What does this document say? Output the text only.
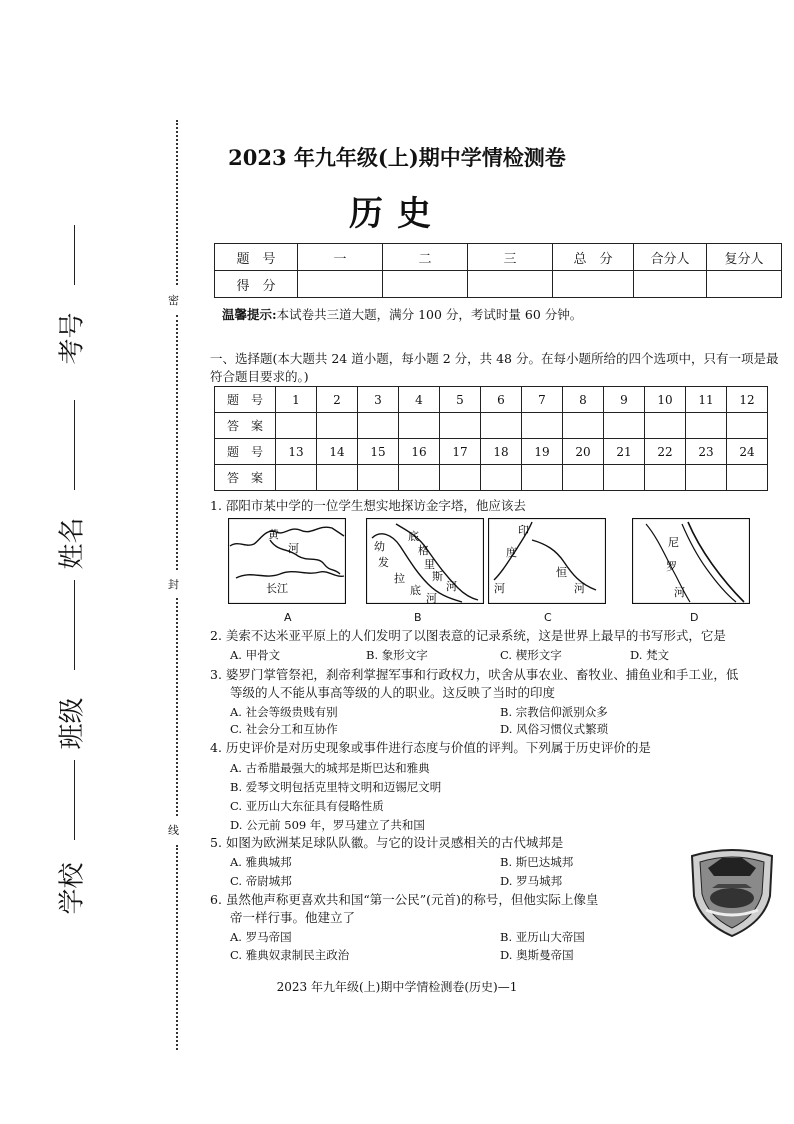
考号
姓名
班级
学校
密
封
线
2023 年九年级(上)期中学情检测卷
历史
题　号	一	二	三	总　分	合分人	复分人
得　分						
温馨提示:本试卷共三道大题，满分 100 分，考试时量 60 分钟。
一、选择题(本大题共 24 道小题，每小题 2 分，共 48 分。在每小题所给的四个选项中，只有一项是最符合题目要求的。)
题　号	1	2	3	4	5	6	7	8	9	10	11	12
答　案												
题　号	13	14	15	16	17	18	19	20	21	22	23	24
答　案												
1. 邵阳市某中学的一位学生想实地探访金字塔，他应该去
黄
河
长江
A
幼
发
拉
底
格
里
斯
河
底
河
B
印
度
河
恒
河
C
尼
罗
河
D
2. 美索不达米亚平原上的人们发明了以图表意的记录系统，这是世界上最早的书写形式，它是
A. 甲骨文	B. 象形文字	C. 楔形文字	D. 梵文
3. 婆罗门掌管祭祀，刹帝利掌握军事和行政权力，吠舍从事农业、畜牧业、捕鱼业和手工业，低
等级的人不能从事高等级的人的职业。这反映了当时的印度
A. 社会等级贵贱有别	B. 宗教信仰派别众多
C. 社会分工和互协作	D. 风俗习惯仪式繁琐
4. 历史评价是对历史现象或事件进行态度与价值的评判。下列属于历史评价的是
A. 古希腊最强大的城邦是斯巴达和雅典
B. 爱琴文明包括克里特文明和迈锡尼文明
C. 亚历山大东征具有侵略性质
D. 公元前 509 年，罗马建立了共和国
5. 如图为欧洲某足球队队徽。与它的设计灵感相关的古代城邦是
A. 雅典城邦	B. 斯巴达城邦
C. 帝尉城邦	D. 罗马城邦
6. 虽然他声称更喜欢共和国“第一公民”(元首)的称号，但他实际上像皇
帝一样行事。他建立了
A. 罗马帝国	B. 亚历山大帝国
C. 雅典奴隶制民主政治	D. 奥斯曼帝国
2023 年九年级(上)期中学情检测卷(历史)—1
